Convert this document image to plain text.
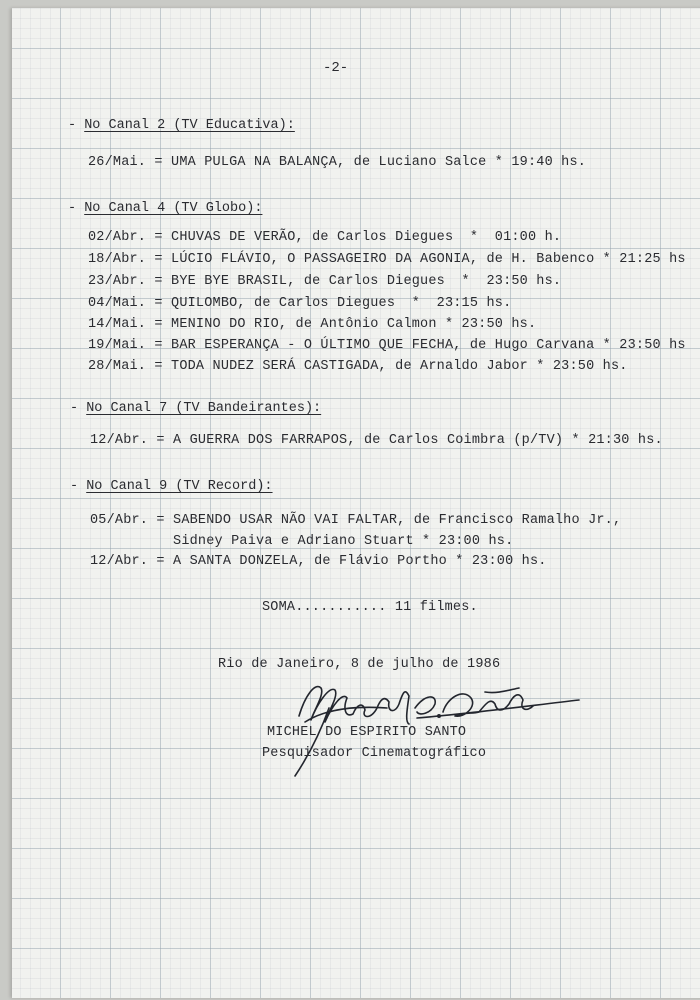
-2-
- No Canal 2 (TV Educativa):
26/Mai. = UMA PULGA NA BALANÇA, de Luciano Salce * 19:40 hs.
- No Canal 4 (TV Globo):
02/Abr. = CHUVAS DE VERÃO, de Carlos Diegues  *  01:00 h.
18/Abr. = LÚCIO FLÁVIO, O PASSAGEIRO DA AGONIA, de H. Babenco * 21:25 hs
23/Abr. = BYE BYE BRASIL, de Carlos Diegues  *  23:50 hs.
04/Mai. = QUILOMBO, de Carlos Diegues  *  23:15 hs.
14/Mai. = MENINO DO RIO, de Antônio Calmon * 23:50 hs.
19/Mai. = BAR ESPERANÇA - O ÚLTIMO QUE FECHA, de Hugo Carvana * 23:50 hs
28/Mai. = TODA NUDEZ SERÁ CASTIGADA, de Arnaldo Jabor * 23:50 hs.
- No Canal 7 (TV Bandeirantes):
12/Abr. = A GUERRA DOS FARRAPOS, de Carlos Coimbra (p/TV) * 21:30 hs.
- No Canal 9 (TV Record):
05/Abr. = SABENDO USAR NÃO VAI FALTAR, de Francisco Ramalho Jr.,
Sidney Paiva e Adriano Stuart * 23:00 hs.
12/Abr. = A SANTA DONZELA, de Flávio Portho * 23:00 hs.
SOMA........... 11 filmes.
Rio de Janeiro, 8 de julho de 1986
MICHEL DO ESPIRITO SANTO
Pesquisador Cinematográfico
